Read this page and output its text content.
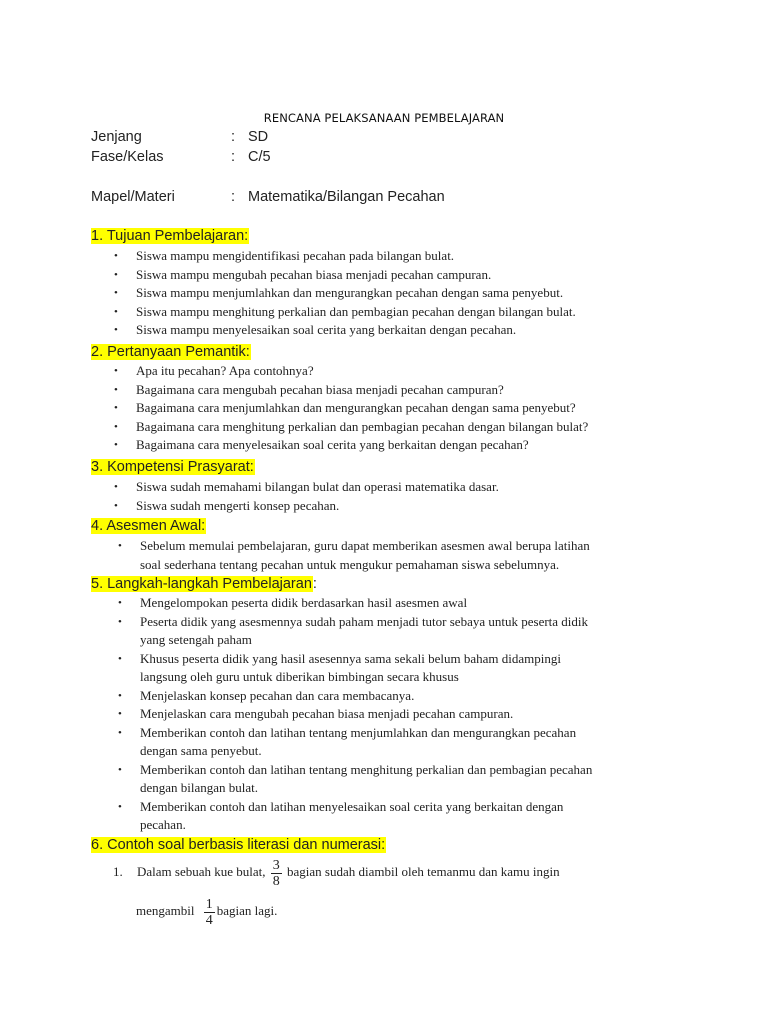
RENCANA PELAKSANAAN PEMBELAJARAN
Jenjang	: SD
Fase/Kelas	: C/5
Mapel/Materi	: Matematika/Bilangan Pecahan
1. Tujuan Pembelajaran:
• Siswa mampu mengidentifikasi pecahan pada bilangan bulat.
• Siswa mampu mengubah pecahan biasa menjadi pecahan campuran.
• Siswa mampu menjumlahkan dan mengurangkan pecahan dengan sama penyebut.
• Siswa mampu menghitung perkalian dan pembagian pecahan dengan bilangan bulat.
• Siswa mampu menyelesaikan soal cerita yang berkaitan dengan pecahan.
2. Pertanyaan Pemantik:
• Apa itu pecahan? Apa contohnya?
• Bagaimana cara mengubah pecahan biasa menjadi pecahan campuran?
• Bagaimana cara menjumlahkan dan mengurangkan pecahan dengan sama penyebut?
• Bagaimana cara menghitung perkalian dan pembagian pecahan dengan bilangan bulat?
• Bagaimana cara menyelesaikan soal cerita yang berkaitan dengan pecahan?
3. Kompetensi Prasyarat:
• Siswa sudah memahami bilangan bulat dan operasi matematika dasar.
• Siswa sudah mengerti konsep pecahan.
4. Asesmen Awal:
• Sebelum memulai pembelajaran, guru dapat memberikan asesmen awal berupa latihan
soal sederhana tentang pecahan untuk mengukur pemahaman siswa sebelumnya.
5. Langkah-langkah Pembelajaran:
• Mengelompokan peserta didik berdasarkan hasil asesmen awal
• Peserta didik yang asesmennya sudah paham menjadi tutor sebaya untuk peserta didik
yang setengah paham
• Khusus peserta didik yang hasil asesennya sama sekali belum baham didampingi
langsung oleh guru untuk diberikan bimbingan secara khusus
• Menjelaskan konsep pecahan dan cara membacanya.
• Menjelaskan cara mengubah pecahan biasa menjadi pecahan campuran.
• Memberikan contoh dan latihan tentang menjumlahkan dan mengurangkan pecahan
dengan sama penyebut.
• Memberikan contoh dan latihan tentang menghitung perkalian dan pembagian pecahan
dengan bilangan bulat.
• Memberikan contoh dan latihan menyelesaikan soal cerita yang berkaitan dengan
pecahan.
6. Contoh soal berbasis literasi dan numerasi:
1. Dalam sebuah kue bulat, $\frac{3}{8}$ bagian sudah diambil oleh temanmu dan kamu ingin
mengambil $\frac{1}{4}$ bagian lagi.
